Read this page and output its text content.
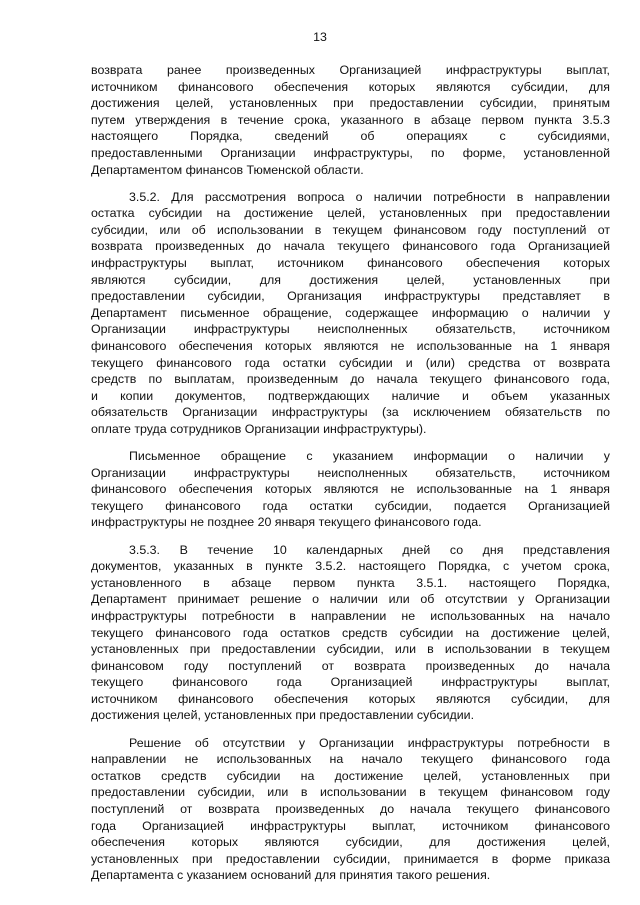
13

возврата ранее произведенных Организацией инфраструктуры выплат,
источником финансового обеспечения которых являются субсидии, для
достижения целей, установленных при предоставлении субсидии, принятым
путем утверждения в течение срока, указанного в абзаце первом пункта 3.5.3
настоящего Порядка, сведений об операциях с субсидиями,
предоставленными Организации инфраструктуры, по форме, установленной
Департаментом финансов Тюменской области.

3.5.2. Для рассмотрения вопроса о наличии потребности в направлении
остатка субсидии на достижение целей, установленных при предоставлении
субсидии, или об использовании в текущем финансовом году поступлений от
возврата произведенных до начала текущего финансового года Организацией
инфраструктуры выплат, источником финансового обеспечения которых
являются субсидии, для достижения целей, установленных при
предоставлении субсидии, Организация инфраструктуры представляет в
Департамент письменное обращение, содержащее информацию о наличии у
Организации инфраструктуры неисполненных обязательств, источником
финансового обеспечения которых являются не использованные на 1 января
текущего финансового года остатки субсидии и (или) средства от возврата
средств по выплатам, произведенным до начала текущего финансового года,
и копии документов, подтверждающих наличие и объем указанных
обязательств Организации инфраструктуры (за исключением обязательств по
оплате труда сотрудников Организации инфраструктуры).

Письменное обращение с указанием информации о наличии у
Организации инфраструктуры неисполненных обязательств, источником
финансового обеспечения которых являются не использованные на 1 января
текущего финансового года остатки субсидии, подается Организацией
инфраструктуры не позднее 20 января текущего финансового года.

3.5.3. В течение 10 календарных дней со дня представления
документов, указанных в пункте 3.5.2. настоящего Порядка, с учетом срока,
установленного в абзаце первом пункта 3.5.1. настоящего Порядка,
Департамент принимает решение о наличии или об отсутствии у Организации
инфраструктуры потребности в направлении не использованных на начало
текущего финансового года остатков средств субсидии на достижение целей,
установленных при предоставлении субсидии, или в использовании в текущем
финансовом году поступлений от возврата произведенных до начала
текущего финансового года Организацией инфраструктуры выплат,
источником финансового обеспечения которых являются субсидии, для
достижения целей, установленных при предоставлении субсидии.

Решение об отсутствии у Организации инфраструктуры потребности в
направлении не использованных на начало текущего финансового года
остатков средств субсидии на достижение целей, установленных при
предоставлении субсидии, или в использовании в текущем финансовом году
поступлений от возврата произведенных до начала текущего финансового
года Организацией инфраструктуры выплат, источником финансового
обеспечения которых являются субсидии, для достижения целей,
установленных при предоставлении субсидии, принимается в форме приказа
Департамента с указанием оснований для принятия такого решения.
